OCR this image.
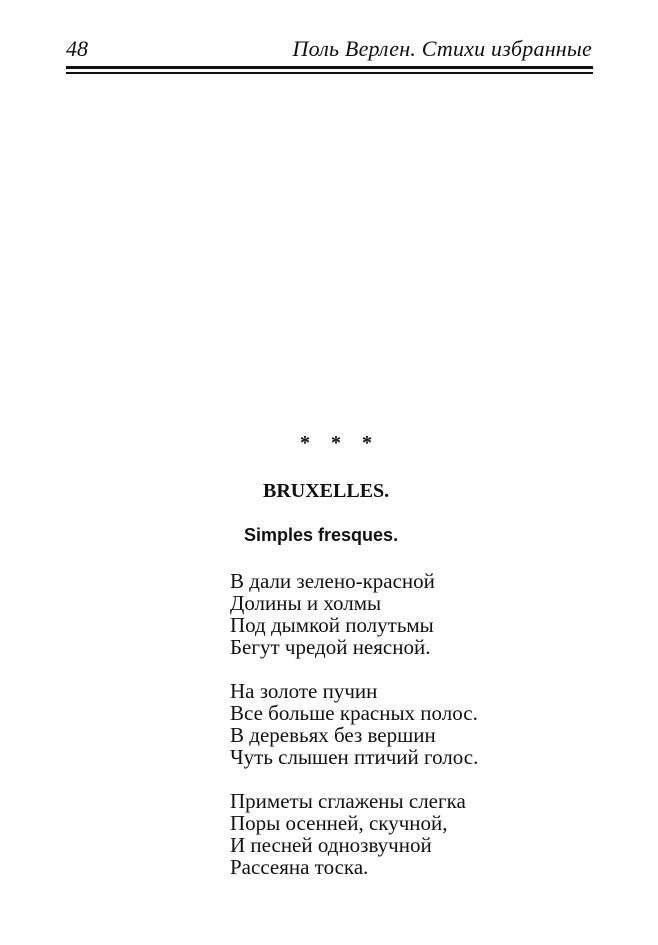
48	Поль Верлен. Стихи избранные
* * *
BRUXELLES.
Simples fresques.
В дали зелено-красной
Долины и холмы
Под дымкой полутьмы
Бегут чредой неясной.
На золоте пучин
Все больше красных полос.
В деревьях без вершин
Чуть слышен птичий голос.
Приметы сглажены слегка
Поры осенней, скучной,
И песней однозвучной
Рассеяна тоска.
